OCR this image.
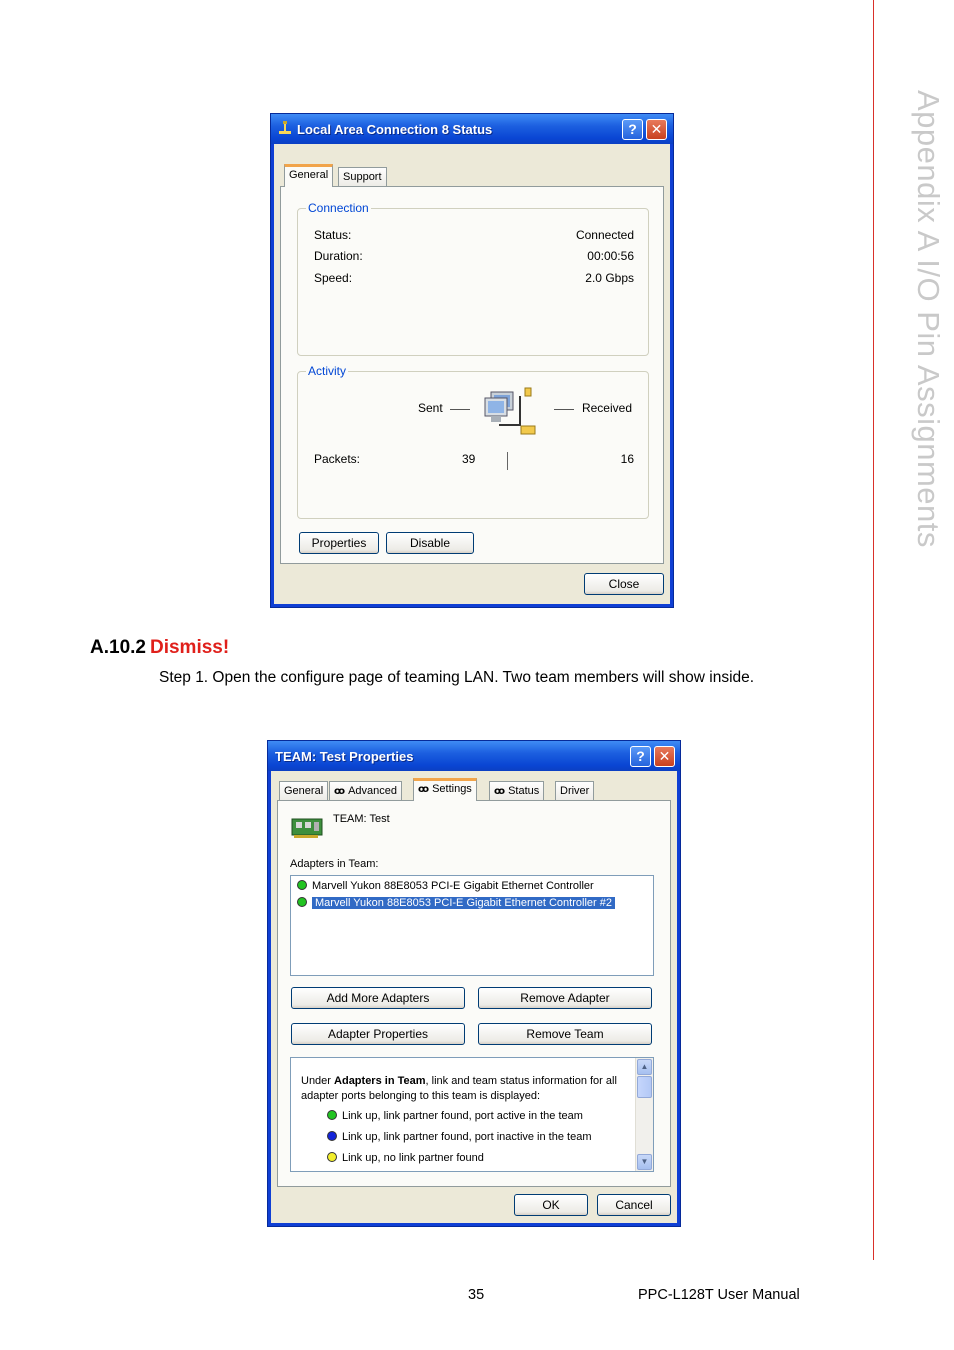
Appendix A I/O Pin Assignments
Local Area Connection 8 Status	? ✕
General	Support
Connection
Status:	Connected
Duration:	00:00:56
Speed:	2.0 Gbps
Activity
Sent	Received
Packets:	39	16
Properties	Disable
Close
A.10.2 Dismiss!
Step 1. Open the configure page of teaming LAN. Two team members will show inside.
TEAM: Test Properties	? ✕
General	ꝏ Advanced	ꝏ Settings	ꝏ Status	Driver
TEAM: Test
Adapters in Team:
Marvell Yukon 88E8053 PCI-E Gigabit Ethernet Controller
Marvell Yukon 88E8053 PCI-E Gigabit Ethernet Controller #2
Add More Adapters	Remove Adapter
Adapter Properties	Remove Team
Under Adapters in Team, link and team status information for all adapter ports belonging to this team is displayed:
Link up, link partner found, port active in the team
Link up, link partner found, port inactive in the team
Link up, no link partner found
▲
▼
OK	Cancel
35	PPC-L128T User Manual
